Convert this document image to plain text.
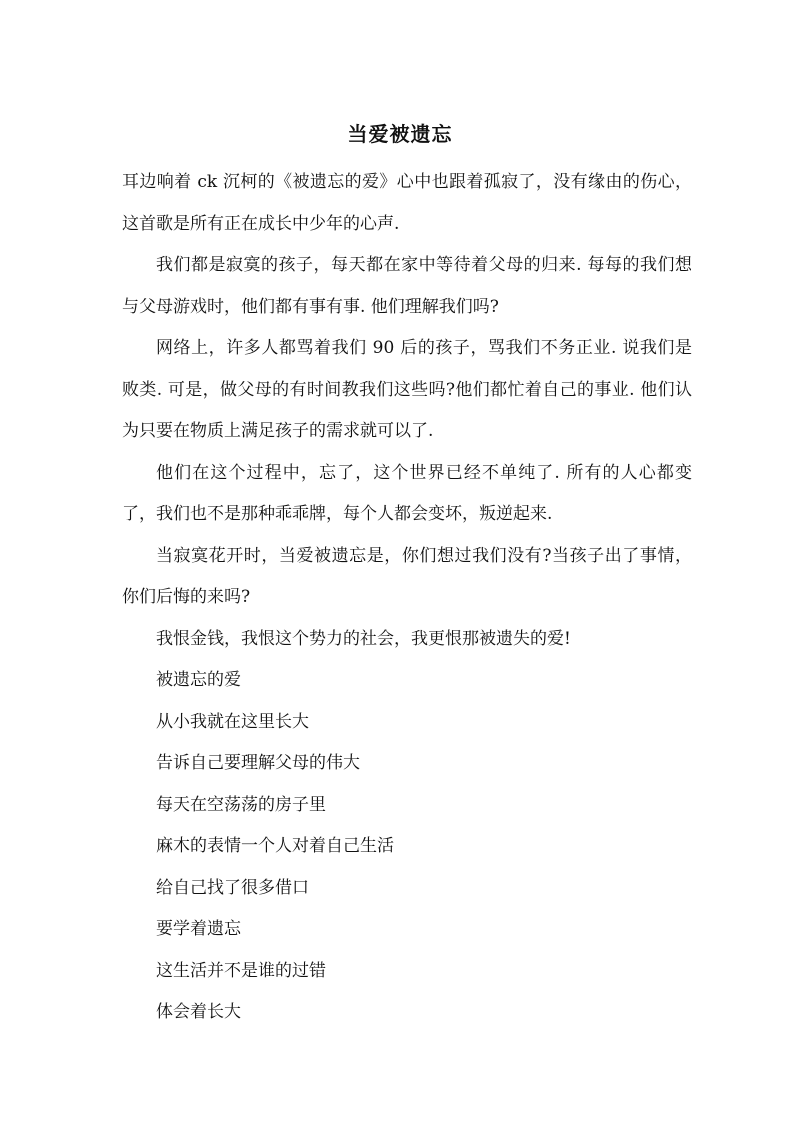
当爱被遗忘

耳边响着 ck 沉柯的《被遗忘的爱》心中也跟着孤寂了，没有缘由的伤心，这首歌是所有正在成长中少年的心声.

我们都是寂寞的孩子，每天都在家中等待着父母的归来. 每每的我们想与父母游戏时，他们都有事有事. 他们理解我们吗?

网络上，许多人都骂着我们 90 后的孩子，骂我们不务正业. 说我们是败类. 可是，做父母的有时间教我们这些吗?他们都忙着自己的事业. 他们认为只要在物质上满足孩子的需求就可以了.

他们在这个过程中，忘了，这个世界已经不单纯了. 所有的人心都变了，我们也不是那种乖乖牌，每个人都会变坏，叛逆起来.

当寂寞花开时，当爱被遗忘是，你们想过我们没有?当孩子出了事情，你们后悔的来吗?

我恨金钱，我恨这个势力的社会，我更恨那被遗失的爱!

被遗忘的爱

从小我就在这里长大

告诉自己要理解父母的伟大

每天在空荡荡的房子里

麻木的表情一个人对着自己生活

给自己找了很多借口

要学着遗忘

这生活并不是谁的过错

体会着长大
